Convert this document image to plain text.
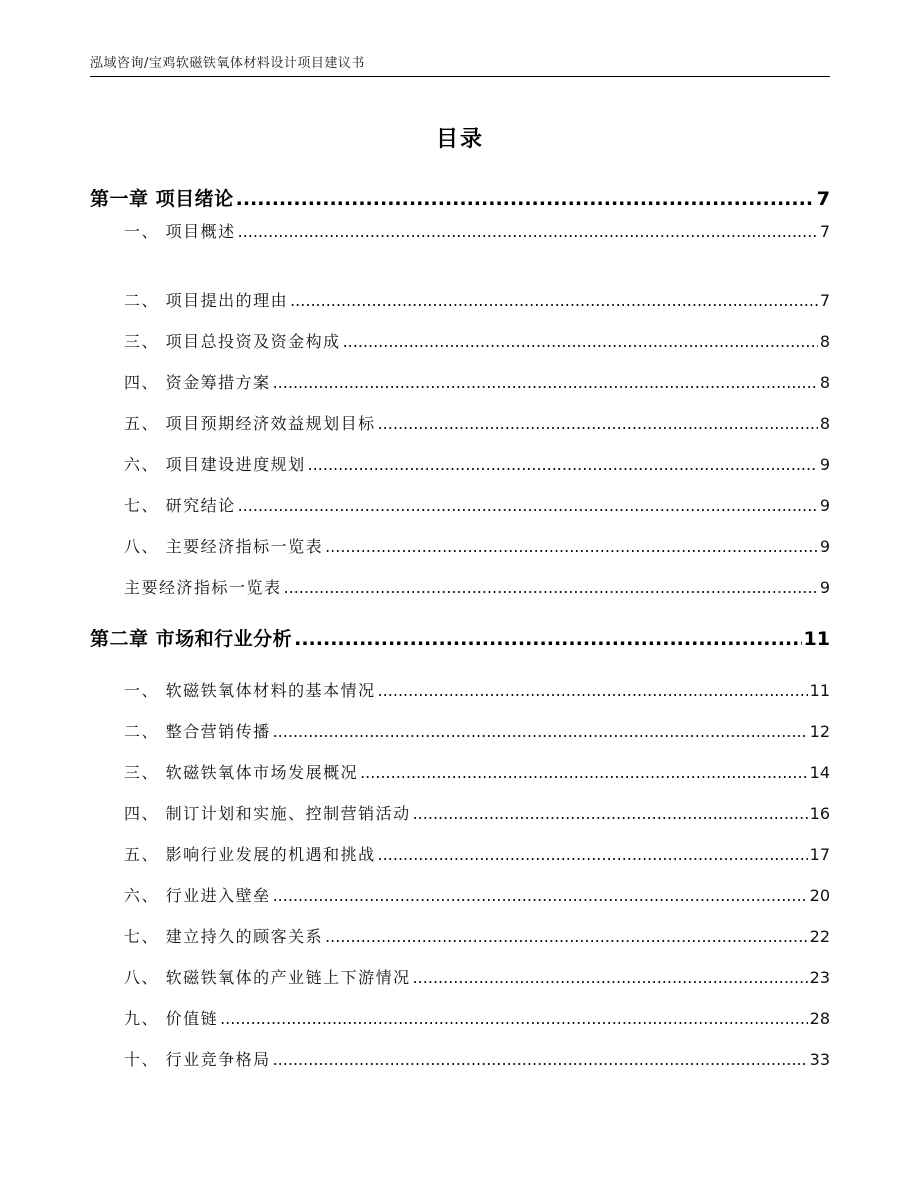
泓域咨询/宝鸡软磁铁氧体材料设计项目建议书
目录
第一章 项目绪论 .....	7
一、 项目概述 .....	7
二、 项目提出的理由 .....	7
三、 项目总投资及资金构成 .....	8
四、 资金筹措方案 .....	8
五、 项目预期经济效益规划目标 .....	8
六、 项目建设进度规划 .....	9
七、 研究结论 .....	9
八、 主要经济指标一览表 .....	9
主要经济指标一览表 .....	9
第二章 市场和行业分析 .....	11
一、 软磁铁氧体材料的基本情况 .....	11
二、 整合营销传播 .....	12
三、 软磁铁氧体市场发展概况 .....	14
四、 制订计划和实施、控制营销活动 .....	16
五、 影响行业发展的机遇和挑战 .....	17
六、 行业进入壁垒 .....	20
七、 建立持久的顾客关系 .....	22
八、 软磁铁氧体的产业链上下游情况 .....	23
九、 价值链 .....	28
十、 行业竞争格局 .....	33
